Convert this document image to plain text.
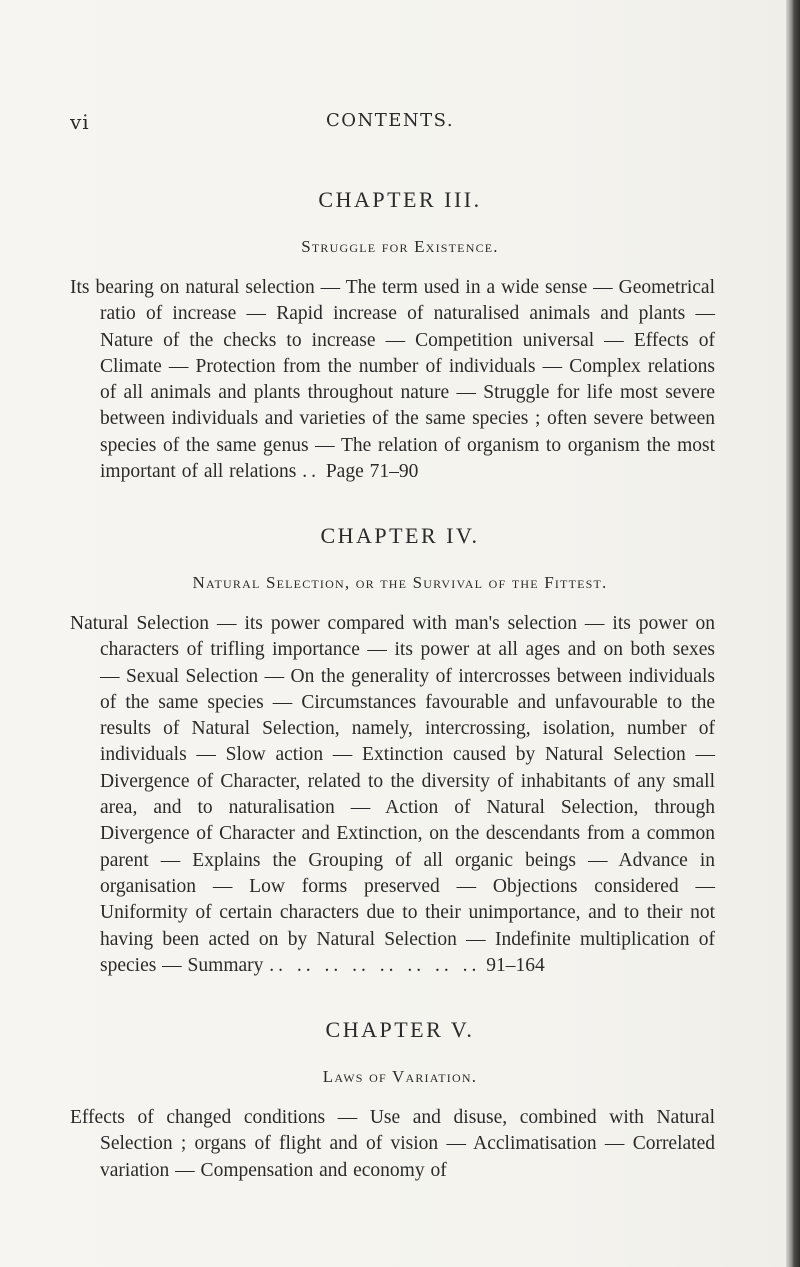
vi	CONTENTS.
CHAPTER III.
Struggle for Existence.
Its bearing on natural selection — The term used in a wide sense — Geometrical ratio of increase — Rapid increase of naturalised animals and plants — Nature of the checks to increase — Competition universal — Effects of Climate — Protection from the number of individuals — Complex relations of all animals and plants throughout nature — Struggle for life most severe between individuals and varieties of the same species ; often severe between species of the same genus — The relation of organism to organism the most important of all relations .. Page 71–90
CHAPTER IV.
Natural Selection, or the Survival of the Fittest.
Natural Selection — its power compared with man's selection — its power on characters of trifling importance — its power at all ages and on both sexes — Sexual Selection — On the generality of intercrosses between individuals of the same species — Circumstances favourable and unfavourable to the results of Natural Selection, namely, intercrossing, isolation, number of individuals — Slow action — Extinction caused by Natural Selection — Divergence of Character, related to the diversity of inhabitants of any small area, and to naturalisation — Action of Natural Selection, through Divergence of Character and Extinction, on the descendants from a common parent — Explains the Grouping of all organic beings — Advance in organisation — Low forms preserved — Objections considered — Uniformity of certain characters due to their unimportance, and to their not having been acted on by Natural Selection — Indefinite multiplication of species — Summary .. .. .. .. .. .. .. .. 91–164
CHAPTER V.
Laws of Variation.
Effects of changed conditions — Use and disuse, combined with Natural Selection ; organs of flight and of vision — Acclimatisation — Correlated variation — Compensation and economy of
